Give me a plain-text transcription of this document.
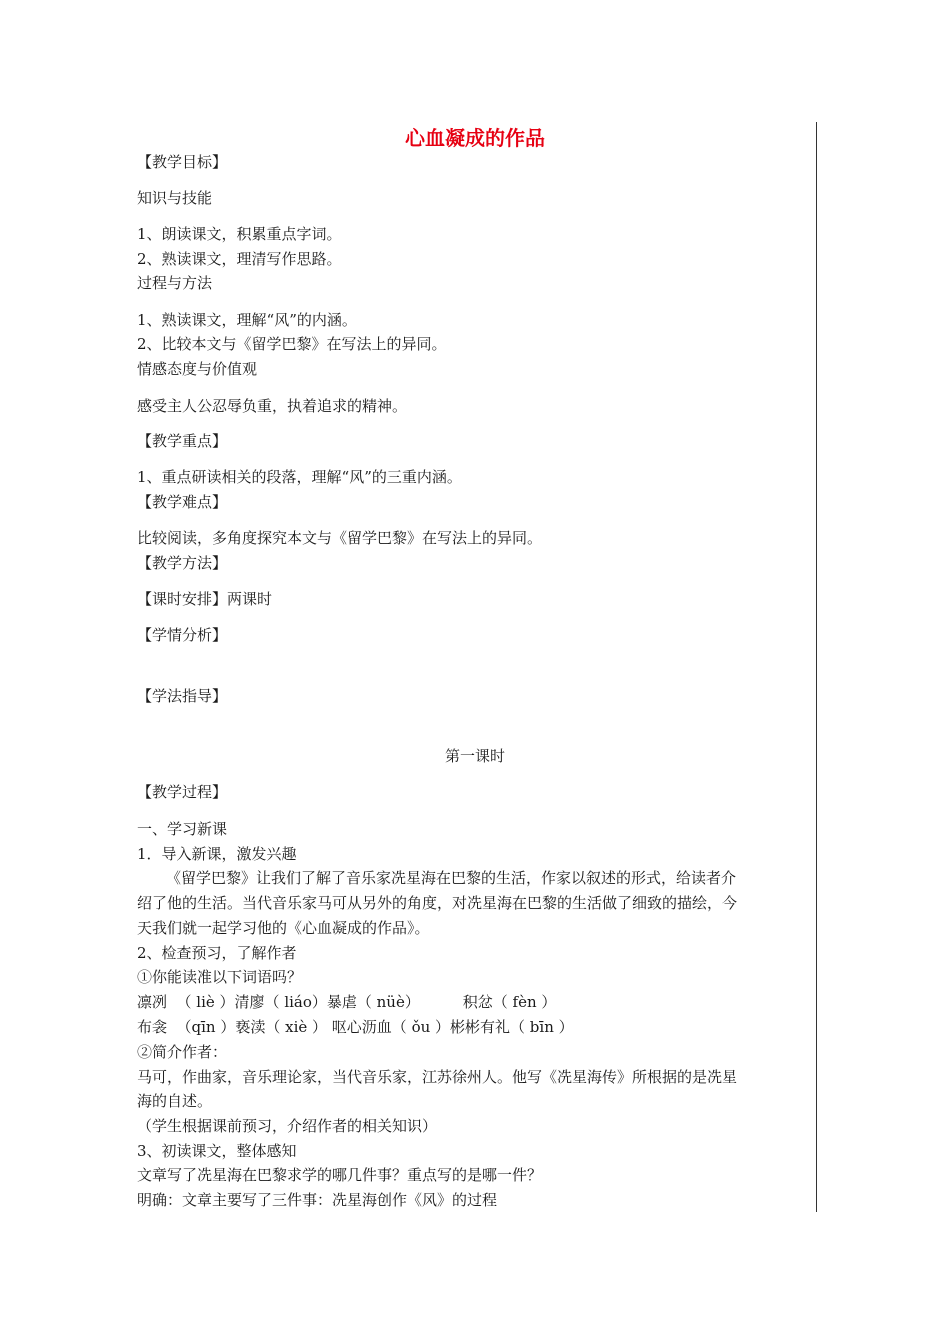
心血凝成的作品
【教学目标】
知识与技能
1、朗读课文，积累重点字词。
2、熟读课文，理清写作思路。
过程与方法
1、熟读课文，理解“风”的内涵。
2、比较本文与《留学巴黎》在写法上的异同。
情感态度与价值观
感受主人公忍辱负重，执着追求的精神。
【教学重点】
1、重点研读相关的段落，理解“风”的三重内涵。
【教学难点】
比较阅读，多角度探究本文与《留学巴黎》在写法上的异同。
【教学方法】
【课时安排】两课时
【学情分析】
【学法指导】
第一课时
【教学过程】
一、学习新课
1．导入新课，激发兴趣
《留学巴黎》让我们了解了音乐家冼星海在巴黎的生活，作家以叙述的形式，给读者介
绍了他的生活。当代音乐家马可从另外的角度，对冼星海在巴黎的生活做了细致的描绘，今
天我们就一起学习他的《心血凝成的作品》。
2、检查预习，了解作者
①你能读准以下词语吗？
凛冽  （ liè ）清廖（ liáo）暴虐（ nüè）         积忿（ fèn ）
布衾  （qīn ）亵渎（ xiè ） 呕心沥血（ ǒu ）彬彬有礼（ bīn ）
②简介作者：
马可，作曲家，音乐理论家，当代音乐家，江苏徐州人。他写《冼星海传》所根据的是冼星
海的自述。
（学生根据课前预习，介绍作者的相关知识）
3、初读课文，整体感知
文章写了冼星海在巴黎求学的哪几件事？重点写的是哪一件？
明确：文章主要写了三件事：冼星海创作《风》的过程
